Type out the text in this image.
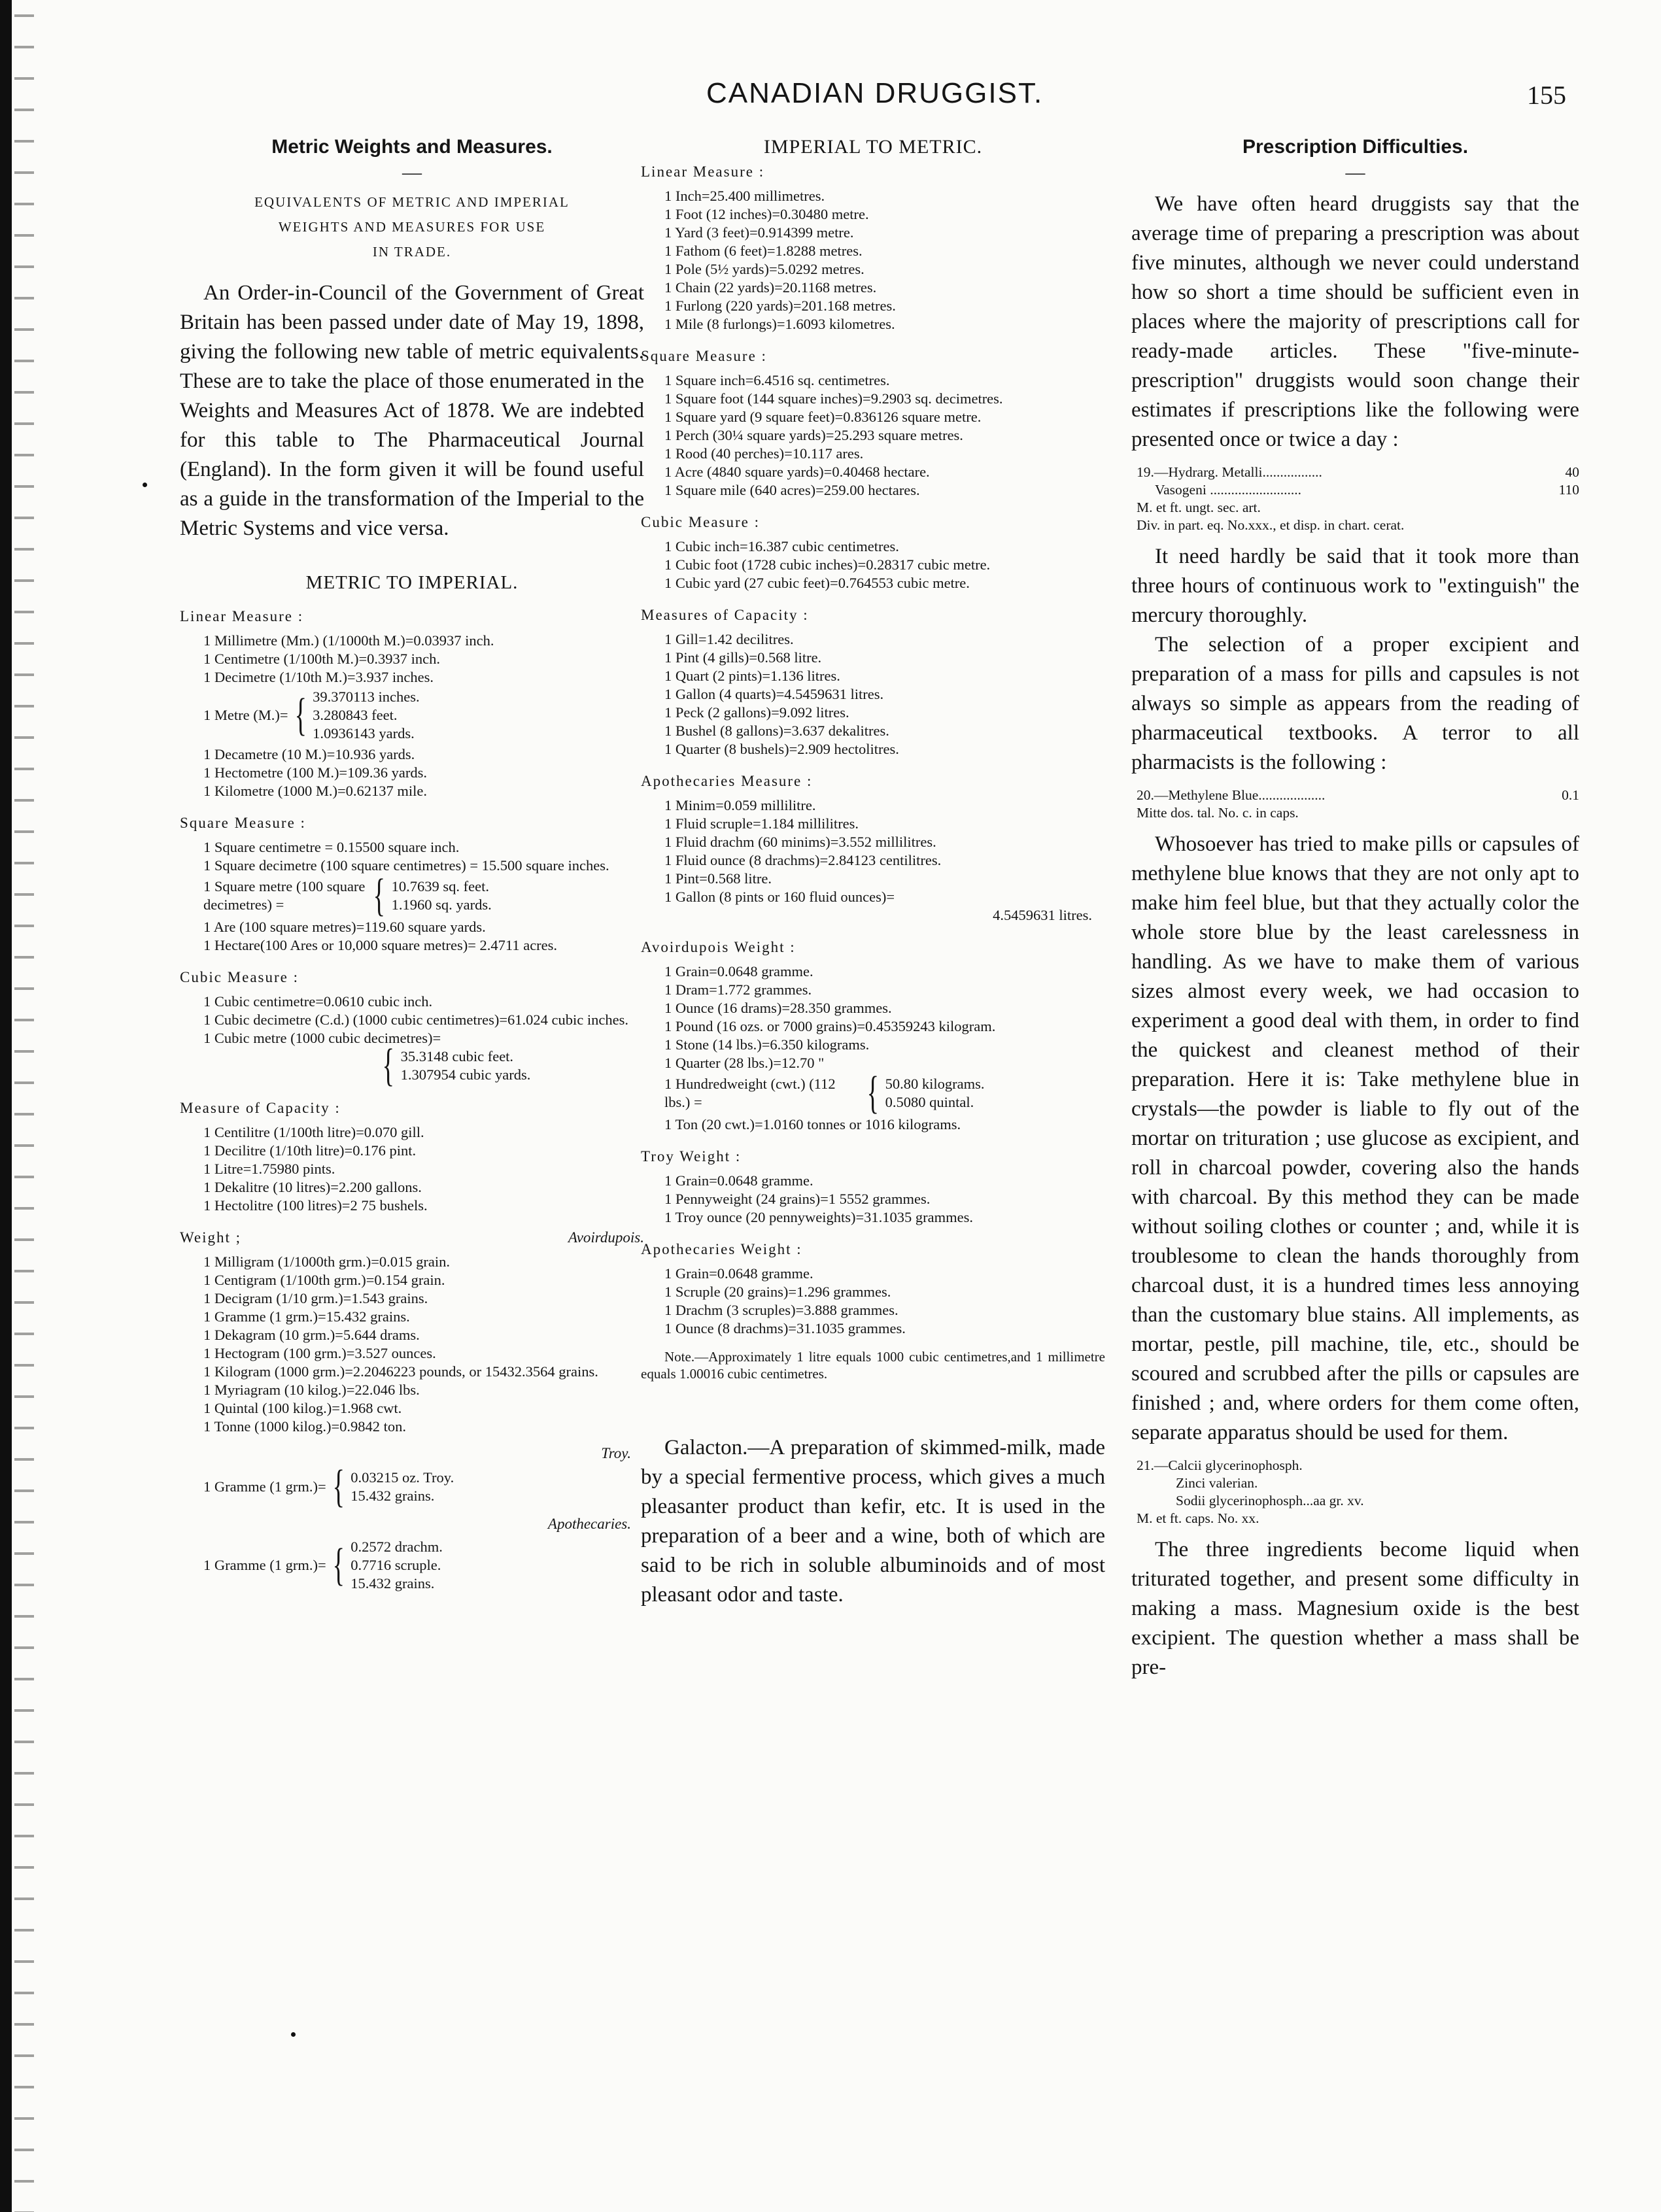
CANADIAN DRUGGIST.	155
Metric Weights and Measures.
—
EQUIVALENTS OF METRIC AND IMPERIAL
WEIGHTS AND MEASURES FOR USE
IN TRADE.

An Order-in-Council of the Government of Great Britain has been passed under date of May 19, 1898, giving the following new table of metric equivalents. These are to take the place of those enumerated in the Weights and Measures Act of 1878. We are indebted for this table to The Pharmaceutical Journal (England). In the form given it will be found useful as a guide in the transformation of the Imperial to the Metric Systems and vice versa.

METRIC TO IMPERIAL.
Linear Measure :

1 Millimetre (Mm.) (1/1000th M.)=0.03937 inch.

1 Centimetre (1/100th M.)=0.3937 inch.

1 Decimetre (1/10th M.)=3.937 inches.

1 Metre (M.)= { 39.370113 inches.
3.280843 feet.
1.0936143 yards.

1 Decametre (10 M.)=10.936 yards.

1 Hectometre (100 M.)=109.36 yards.

1 Kilometre (1000 M.)=0.62137 mile.

Square Measure :

1 Square centimetre = 0.15500 square inch.

1 Square decimetre (100 square centimetres) = 15.500 square inches.

1 Square metre (100 square decimetres) =	{ 10.7639 sq. feet.
1.1960 sq. yards.

1 Are (100 square metres)=119.60 square yards.

1 Hectare(100 Ares or 10,000 square metres)= 2.4711 acres.

Cubic Measure :

1 Cubic centimetre=0.0610 cubic inch.

1 Cubic decimetre (C.d.) (1000 cubic centimetres)=61.024 cubic inches.

1 Cubic metre (1000 cubic decimetres)=

{ 35.3148 cubic feet.
1.307954 cubic yards.
Measure of Capacity :

1 Centilitre (1/100th litre)=0.070 gill.

1 Decilitre (1/10th litre)=0.176 pint.

1 Litre=1.75980 pints.

1 Dekalitre (10 litres)=2.200 gallons.

1 Hectolitre (100 litres)=2 75 bushels.

Weight ;	Avoirdupois.

1 Milligram (1/1000th grm.)=0.015 grain.

1 Centigram (1/100th grm.)=0.154 grain.

1 Decigram (1/10 grm.)=1.543 grains.

1 Gramme (1 grm.)=15.432 grains.

1 Dekagram (10 grm.)=5.644 drams.

1 Hectogram (100 grm.)=3.527 ounces.

1 Kilogram (1000 grm.)=2.2046223 pounds, or 15432.3564 grains.

1 Myriagram (10 kilog.)=22.046 lbs.

1 Quintal (100 kilog.)=1.968 cwt.

1 Tonne (1000 kilog.)=0.9842 ton.

Troy.
1 Gramme (1 grm.)= { 0.03215 oz. Troy.
15.432 grains.
Apothecaries.
1 Gramme (1 grm.)= { 0.2572 drachm.
0.7716 scruple.
15.432 grains.
IMPERIAL TO METRIC.
Linear Measure :

1 Inch=25.400 millimetres.

1 Foot (12 inches)=0.30480 metre.

1 Yard (3 feet)=0.914399 metre.

1 Fathom (6 feet)=1.8288 metres.

1 Pole (5½ yards)=5.0292 metres.

1 Chain (22 yards)=20.1168 metres.

1 Furlong (220 yards)=201.168 metres.

1 Mile (8 furlongs)=1.6093 kilometres.

Square Measure :

1 Square inch=6.4516 sq. centimetres.

1 Square foot (144 square inches)=9.2903 sq. decimetres.

1 Square yard (9 square feet)=0.836126 square metre.

1 Perch (30¼ square yards)=25.293 square metres.

1 Rood (40 perches)=10.117 ares.

1 Acre (4840 square yards)=0.40468 hectare.

1 Square mile (640 acres)=259.00 hectares.

Cubic Measure :

1 Cubic inch=16.387 cubic centimetres.

1 Cubic foot (1728 cubic inches)=0.28317 cubic metre.

1 Cubic yard (27 cubic feet)=0.764553 cubic metre.

Measures of Capacity :

1 Gill=1.42 decilitres.

1 Pint (4 gills)=0.568 litre.

1 Quart (2 pints)=1.136 litres.

1 Gallon (4 quarts)=4.5459631 litres.

1 Peck (2 gallons)=9.092 litres.

1 Bushel (8 gallons)=3.637 dekalitres.

1 Quarter (8 bushels)=2.909 hectolitres.

Apothecaries Measure :

1 Minim=0.059 millilitre.

1 Fluid scruple=1.184 millilitres.

1 Fluid drachm (60 minims)=3.552 millilitres.

1 Fluid ounce (8 drachms)=2.84123 centilitres.

1 Pint=0.568 litre.

1 Gallon (8 pints or 160 fluid ounces)=

4.5459631 litres.

Avoirdupois Weight :

1 Grain=0.0648 gramme.

1 Dram=1.772 grammes.

1 Ounce (16 drams)=28.350 grammes.

1 Pound (16 ozs. or 7000 grains)=0.45359243 kilogram.

1 Stone (14 lbs.)=6.350 kilograms.

1 Quarter (28 lbs.)=12.70 "

1 Hundredweight (cwt.) (112 lbs.) =	{ 50.80 kilograms.
0.5080 quintal.

1 Ton (20 cwt.)=1.0160 tonnes or 1016 kilograms.

Troy Weight :

1 Grain=0.0648 gramme.

1 Pennyweight (24 grains)=1 5552 grammes.

1 Troy ounce (20 pennyweights)=31.1035 grammes.

Apothecaries Weight :

1 Grain=0.0648 gramme.

1 Scruple (20 grains)=1.296 grammes.

1 Drachm (3 scruples)=3.888 grammes.

1 Ounce (8 drachms)=31.1035 grammes.

Note.—Approximately 1 litre equals 1000 cubic centimetres,and 1 millimetre equals 1.00016 cubic centimetres.

Galacton.—A preparation of skimmed-milk, made by a special fermentive process, which gives a much pleasanter product than kefir, etc. It is used in the preparation of a beer and a wine, both of which are said to be rich in soluble albuminoids and of most pleasant odor and taste.

Prescription Difficulties.
—

We have often heard druggists say that the average time of preparing a prescription was about five minutes, although we never could understand how so short a time should be sufficient even in places where the majority of prescriptions call for ready-made articles. These "five-minute-prescription" druggists would soon change their estimates if prescriptions like the following were presented once or twice a day :

19.—Hydrarg. Metalli.................	40
Vasogeni ..........................	110
M. et ft. ungt. sec. art.
Div. in part. eq. No.xxx., et disp. in chart. cerat.

It need hardly be said that it took more than three hours of continuous work to "extinguish" the mercury thoroughly.

The selection of a proper excipient and preparation of a mass for pills and capsules is not always so simple as appears from the reading of pharmaceutical textbooks. A terror to all pharmacists is the following :

20.—Methylene Blue...................	0.1
Mitte dos. tal. No. c. in caps.

Whosoever has tried to make pills or capsules of methylene blue knows that they are not only apt to make him feel blue, but that they actually color the whole store blue by the least carelessness in handling. As we have to make them of various sizes almost every week, we had occasion to experiment a good deal with them, in order to find the quickest and cleanest method of their preparation. Here it is: Take methylene blue in crystals—the powder is liable to fly out of the mortar on trituration ; use glucose as excipient, and roll in charcoal powder, covering also the hands with charcoal. By this method they can be made without soiling clothes or counter ; and, while it is troublesome to clean the hands thoroughly from charcoal dust, it is a hundred times less annoying than the customary blue stains. All implements, as mortar, pestle, pill machine, tile, etc., should be scoured and scrubbed after the pills or capsules are finished ; and, where orders for them come often, separate apparatus should be used for them.

21.—Calcii glycerinophosph.
Zinci valerian.
Sodii glycerinophosph...aa gr. xv.
M. et ft. caps. No. xx.

The three ingredients become liquid when triturated together, and present some difficulty in making a mass. Magnesium oxide is the best excipient. The question whether a mass shall be pre-
